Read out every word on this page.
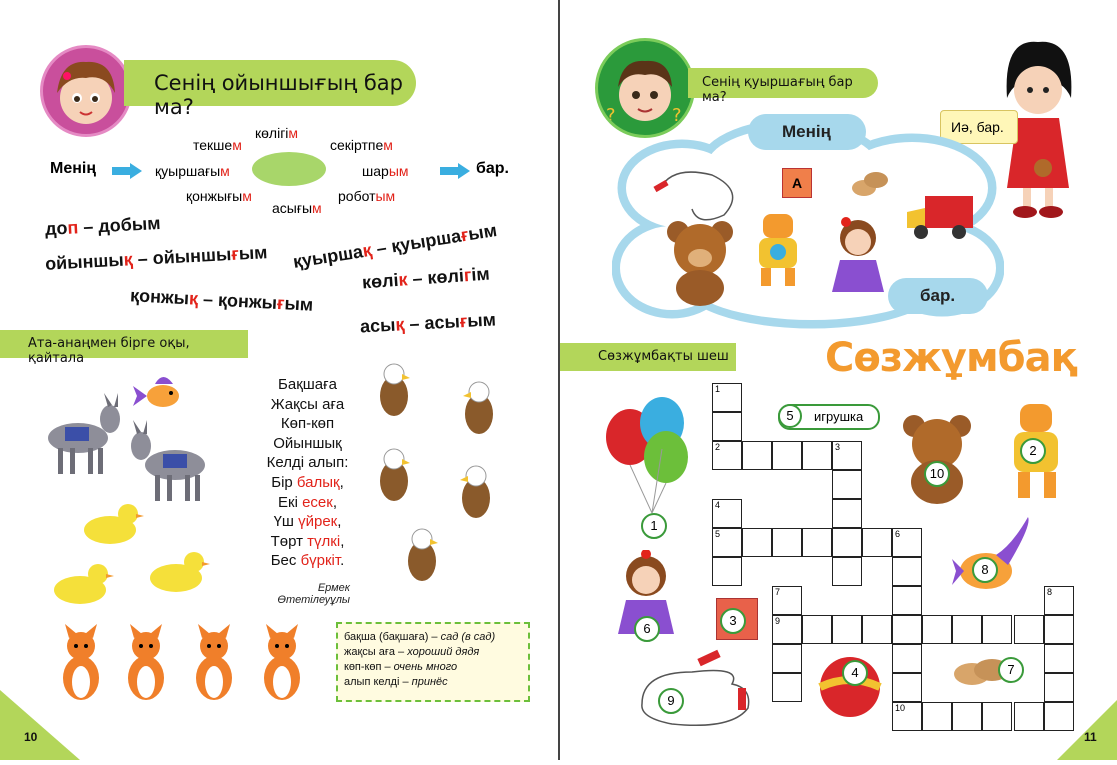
Сенің ойыншығың бар ма?
Менің	бар.
текшем
көлігім
секіртпем
қуыршағым	шарым
қонжығым
асығым
роботым
доп – добым
ойыншық – ойыншығым қуыршақ – қуыршағым
көлік – көлігім
қонжық – қонжығым
асық – асығым
Ата-анаңмен бірге оқы, қайтала
Бақшаға
Жақсы аға
Көп-көп
Ойыншық
Келді алып:
Бір балық,
Екі есек,
Үш үйрек,
Төрт түлкі,
Бес бүркіт.
Ермек
Өтетілеуұлы
бақша (бақшаға) – сад (в сад)
жақсы аға – хороший дядя
көп-көп – очень много
алып келді – принёс
10
?	?
Сенің қуыршағың бар ма?
Иә, бар.
Менің
бар.
A
Сөзжұмбақты шеш Сөзжұмбақ
5	игрушка
1
2	3
4
5	6
7	8
9
10
1
10
2
8
6
3
4	7
9
11
